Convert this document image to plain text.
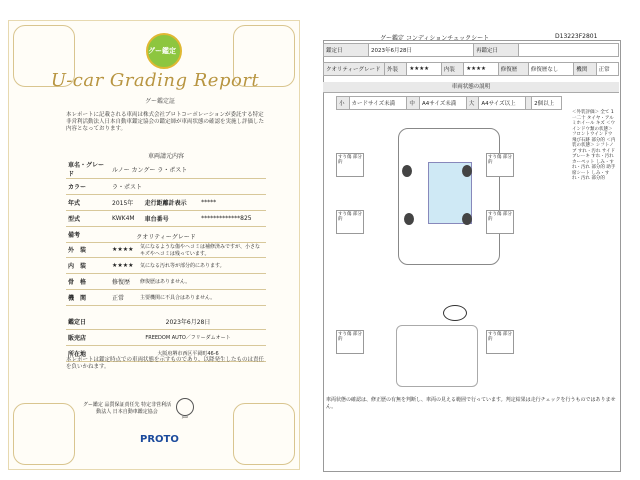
グー鑑定
U-car Grading Report
グー鑑定証
本レポートに記載される車両は株式会社プロトコーポレーションが委託する特定非営利活動法人日本自動車鑑定協会の鑑定師が車両状態の確認を実施し評価した内容となっております。
車両請元内容
車名・グレード	ルノー カングー ラ・ポスト		
カラー	ラ・ポスト		
年式	2015年	走行距離計表示	*****
型式	KWK4M	車台番号	*************825
備考				クオリティーグレード
外　装	★★★★	気になるような傷やヘコミは補修済みですが、小さなキズやヘコミは残っています。
内　装	★★★★	気になる汚れ等が部分的にあります。
骨　格	修復歴	修復歴はありません。
機　関	正常	主要機関に不具合はありません。
鑑定日	2023年6月28日
販売店	FREEDOM AUTO／フリーダムオート
所在地	大阪府堺市西区平岡町46-6
本レポートは鑑定時点での車両状態を示すものであり、以降発生したものは責任を負いかねます。
グー鑑定 品質保証責任先 特定非営利活動法人 日本自動車鑑定協会
JAAI
PROTO
グー鑑定 コンディションチェックシート	D13223F2801
鑑定日	2023年6月28日	再鑑定日	
クオリティーグレード	外装	★★★★	内装	★★★★	修復歴	修復歴なし	機関	正常
車両状態の説明
小	カードサイズ未満	中	A4サイズ未満	大	A4サイズ以上		2個以上
すり傷 部分的
すり傷 部分的
すり傷 部分的
すり傷 部分的
すり傷 部分的
すり傷 部分的
＜外装評価＞ 全て 1一二十 タイヤ・アルミホイール キズ ＜ウインドウ類の状態＞ フロントウインドウ 飛び石跡 部分的 ＜内装の状態＞ シフトノブ すれ・汚れ サイドブレーキ すれ・汚れ カーペット しみ・すれ・汚れ 部分的 助手席シート しみ・すれ・汚れ 部分的
車両状態の確認は、修正歴の有無を判断し、車両の見える範囲で行っています。判定結果は走行チェックを行うものではありません。
